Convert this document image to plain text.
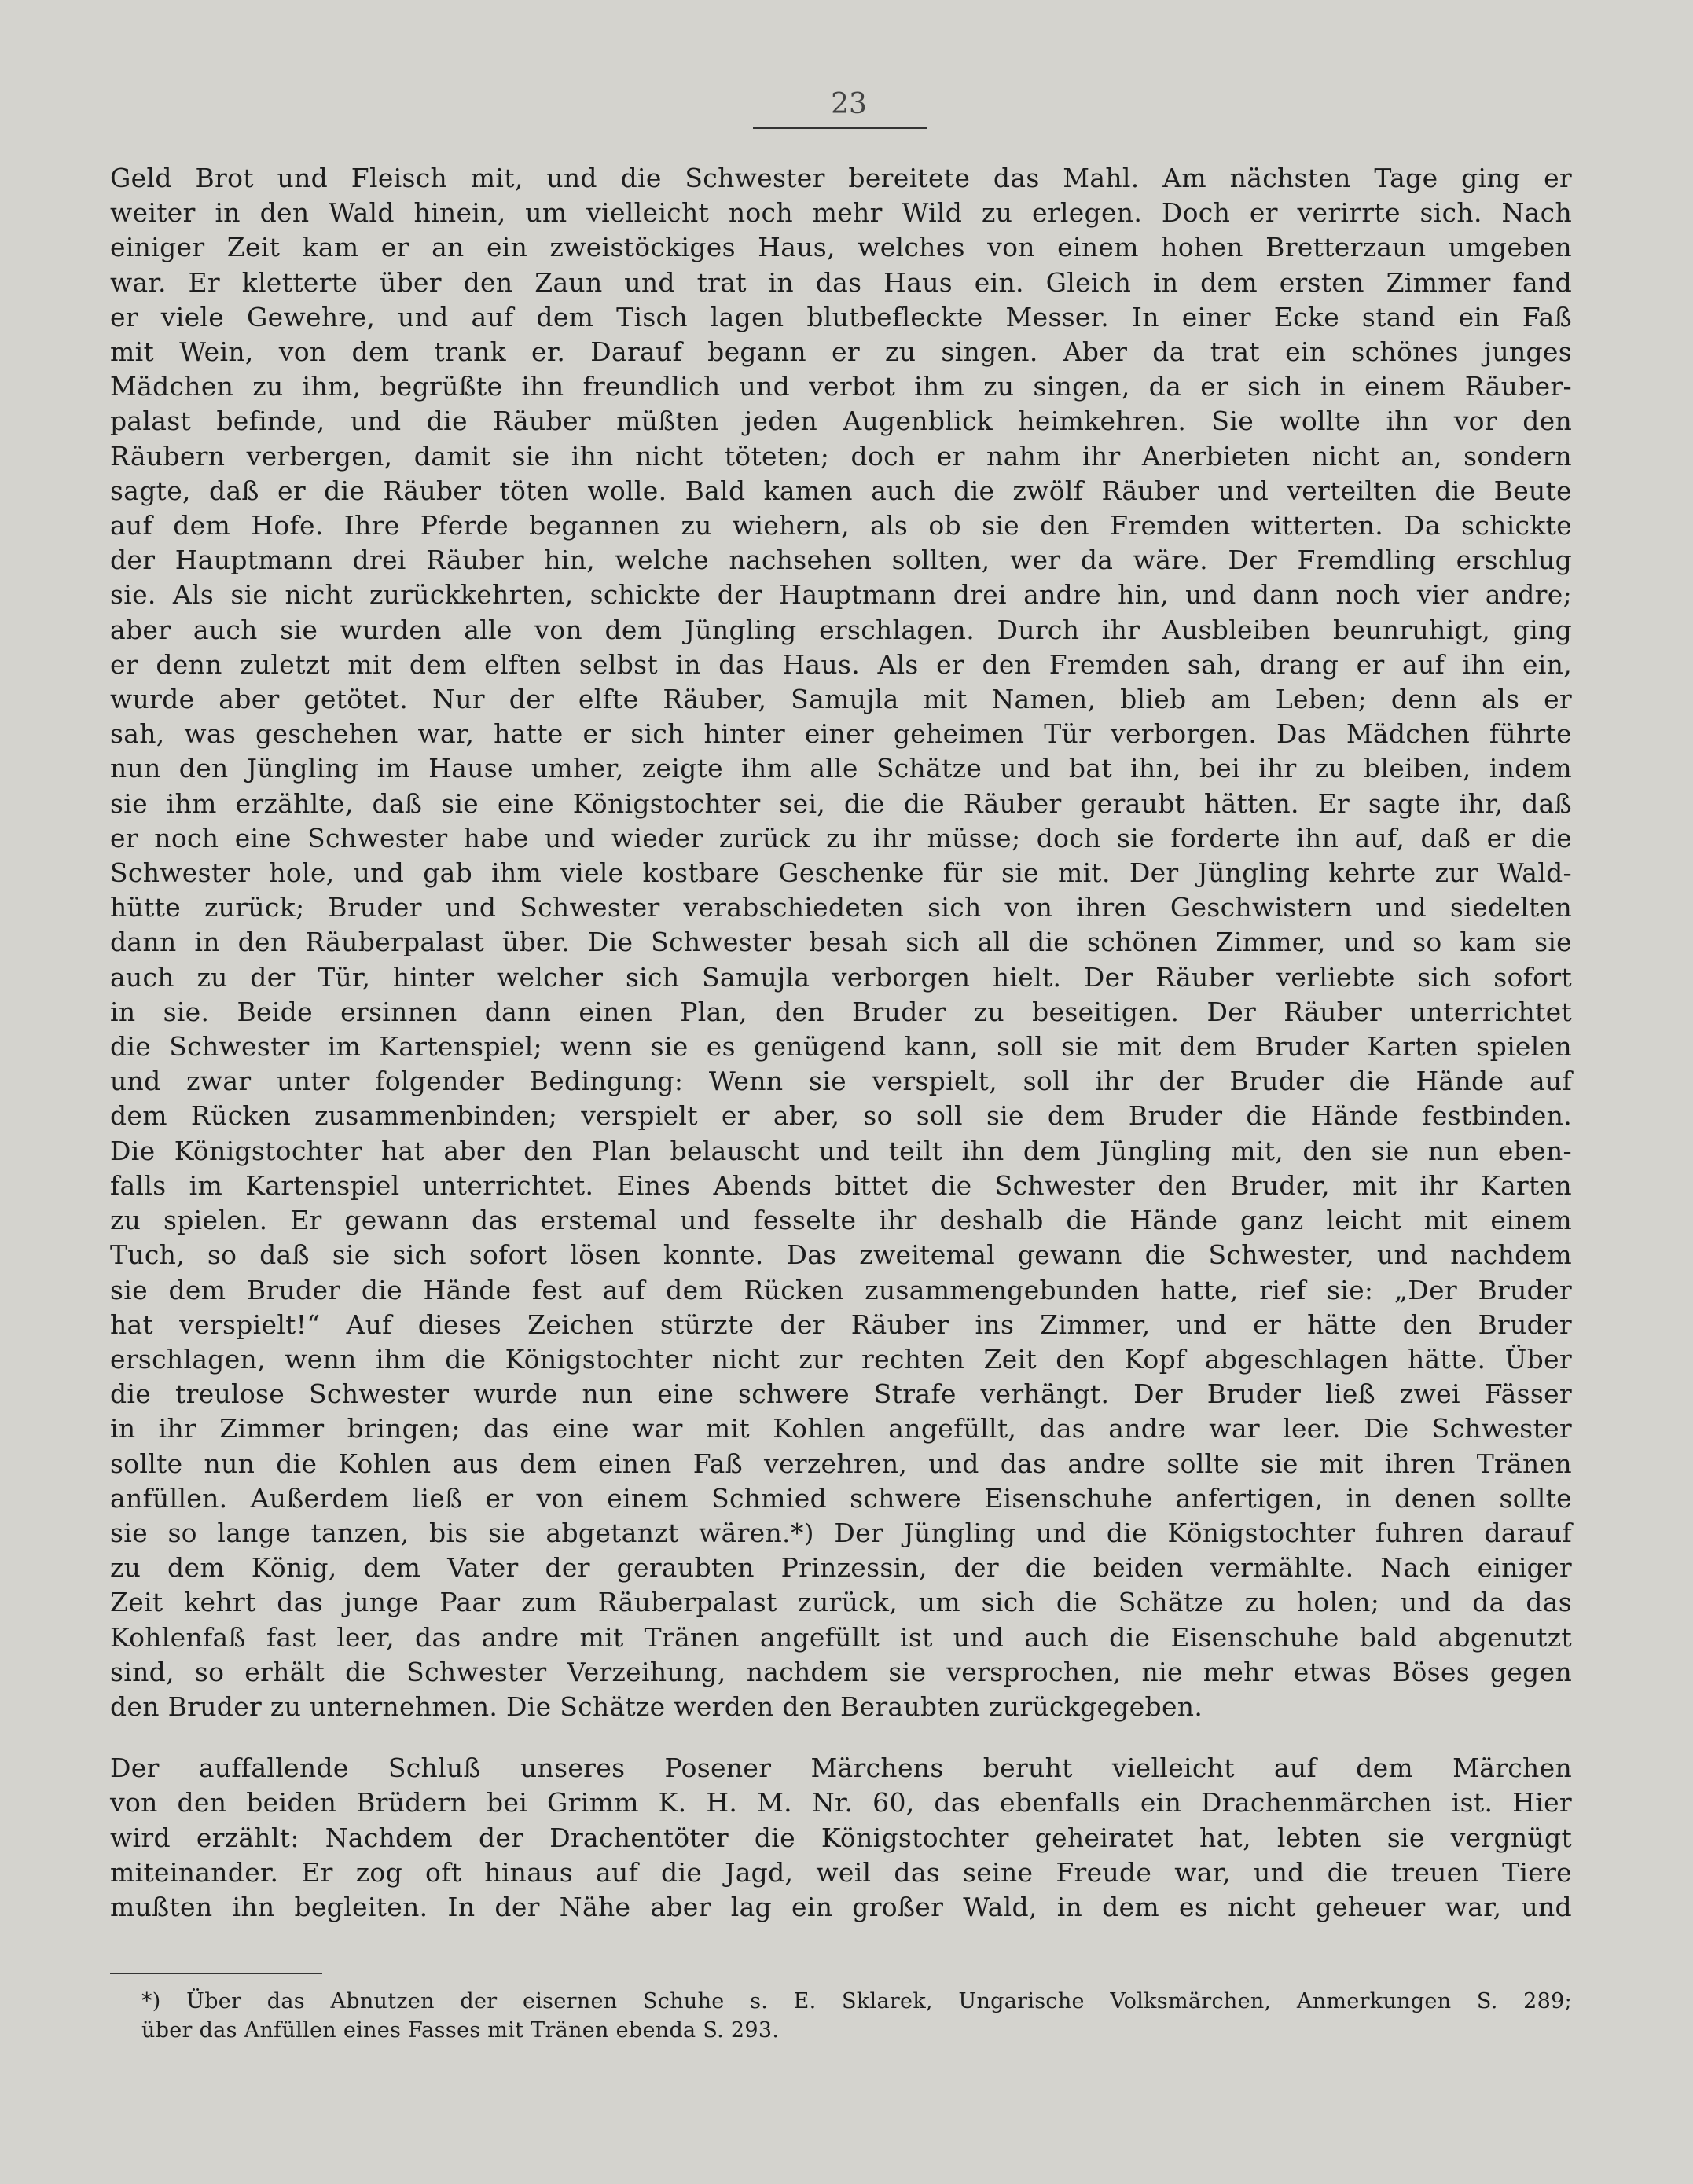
23

Geld Brot und Fleisch mit, und die Schwester bereitete das Mahl. Am nächsten Tage ging er

weiter in den Wald hinein, um vielleicht noch mehr Wild zu erlegen. Doch er verirrte sich. Nach

einiger Zeit kam er an ein zweistöckiges Haus, welches von einem hohen Bretterzaun umgeben

war. Er kletterte über den Zaun und trat in das Haus ein. Gleich in dem ersten Zimmer fand

er viele Gewehre, und auf dem Tisch lagen blutbefleckte Messer. In einer Ecke stand ein Faß

mit Wein, von dem trank er. Darauf begann er zu singen. Aber da trat ein schönes junges

Mädchen zu ihm, begrüßte ihn freundlich und verbot ihm zu singen, da er sich in einem Räuber-

palast befinde, und die Räuber müßten jeden Augenblick heimkehren. Sie wollte ihn vor den

Räubern verbergen, damit sie ihn nicht töteten; doch er nahm ihr Anerbieten nicht an, sondern

sagte, daß er die Räuber töten wolle. Bald kamen auch die zwölf Räuber und verteilten die Beute

auf dem Hofe. Ihre Pferde begannen zu wiehern, als ob sie den Fremden witterten. Da schickte

der Hauptmann drei Räuber hin, welche nachsehen sollten, wer da wäre. Der Fremdling erschlug

sie. Als sie nicht zurückkehrten, schickte der Hauptmann drei andre hin, und dann noch vier andre;

aber auch sie wurden alle von dem Jüngling erschlagen. Durch ihr Ausbleiben beunruhigt, ging

er denn zuletzt mit dem elften selbst in das Haus. Als er den Fremden sah, drang er auf ihn ein,

wurde aber getötet. Nur der elfte Räuber, Samujla mit Namen, blieb am Leben; denn als er

sah, was geschehen war, hatte er sich hinter einer geheimen Tür verborgen. Das Mädchen führte

nun den Jüngling im Hause umher, zeigte ihm alle Schätze und bat ihn, bei ihr zu bleiben, indem

sie ihm erzählte, daß sie eine Königstochter sei, die die Räuber geraubt hätten. Er sagte ihr, daß

er noch eine Schwester habe und wieder zurück zu ihr müsse; doch sie forderte ihn auf, daß er die

Schwester hole, und gab ihm viele kostbare Geschenke für sie mit. Der Jüngling kehrte zur Wald-

hütte zurück; Bruder und Schwester verabschiedeten sich von ihren Geschwistern und siedelten

dann in den Räuberpalast über. Die Schwester besah sich all die schönen Zimmer, und so kam sie

auch zu der Tür, hinter welcher sich Samujla verborgen hielt. Der Räuber verliebte sich sofort

in sie. Beide ersinnen dann einen Plan, den Bruder zu beseitigen. Der Räuber unterrichtet

die Schwester im Kartenspiel; wenn sie es genügend kann, soll sie mit dem Bruder Karten spielen

und zwar unter folgender Bedingung: Wenn sie verspielt, soll ihr der Bruder die Hände auf

dem Rücken zusammenbinden; verspielt er aber, so soll sie dem Bruder die Hände festbinden.

Die Königstochter hat aber den Plan belauscht und teilt ihn dem Jüngling mit, den sie nun eben-

falls im Kartenspiel unterrichtet. Eines Abends bittet die Schwester den Bruder, mit ihr Karten

zu spielen. Er gewann das erstemal und fesselte ihr deshalb die Hände ganz leicht mit einem

Tuch, so daß sie sich sofort lösen konnte. Das zweitemal gewann die Schwester, und nachdem

sie dem Bruder die Hände fest auf dem Rücken zusammengebunden hatte, rief sie: „Der Bruder

hat verspielt!“ Auf dieses Zeichen stürzte der Räuber ins Zimmer, und er hätte den Bruder

erschlagen, wenn ihm die Königstochter nicht zur rechten Zeit den Kopf abgeschlagen hätte. Über

die treulose Schwester wurde nun eine schwere Strafe verhängt. Der Bruder ließ zwei Fässer

in ihr Zimmer bringen; das eine war mit Kohlen angefüllt, das andre war leer. Die Schwester

sollte nun die Kohlen aus dem einen Faß verzehren, und das andre sollte sie mit ihren Tränen

anfüllen. Außerdem ließ er von einem Schmied schwere Eisenschuhe anfertigen, in denen sollte

sie so lange tanzen, bis sie abgetanzt wären.*) Der Jüngling und die Königstochter fuhren darauf

zu dem König, dem Vater der geraubten Prinzessin, der die beiden vermählte. Nach einiger

Zeit kehrt das junge Paar zum Räuberpalast zurück, um sich die Schätze zu holen; und da das

Kohlenfaß fast leer, das andre mit Tränen angefüllt ist und auch die Eisenschuhe bald abgenutzt

sind, so erhält die Schwester Verzeihung, nachdem sie versprochen, nie mehr etwas Böses gegen

den Bruder zu unternehmen. Die Schätze werden den Beraubten zurückgegeben.

Der auffallende Schluß unseres Posener Märchens beruht vielleicht auf dem Märchen

von den beiden Brüdern bei Grimm K. H. M. Nr. 60, das ebenfalls ein Drachenmärchen ist. Hier

wird erzählt: Nachdem der Drachentöter die Königstochter geheiratet hat, lebten sie vergnügt

miteinander. Er zog oft hinaus auf die Jagd, weil das seine Freude war, und die treuen Tiere

mußten ihn begleiten. In der Nähe aber lag ein großer Wald, in dem es nicht geheuer war, und

*) Über das Abnutzen der eisernen Schuhe s. E. Sklarek, Ungarische Volksmärchen, Anmerkungen S. 289;

über das Anfüllen eines Fasses mit Tränen ebenda S. 293.
